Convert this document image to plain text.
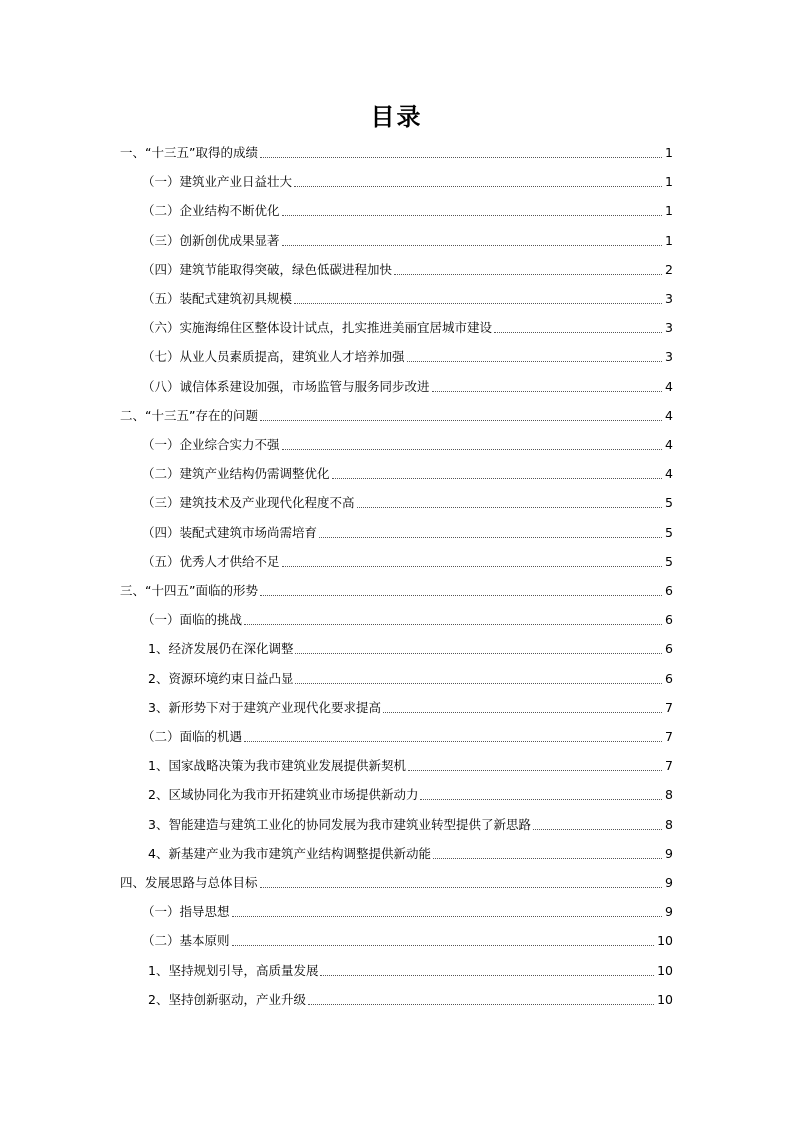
目录
一、“十三五”取得的成绩	1
（一）建筑业产业日益壮大	1
（二）企业结构不断优化	1
（三）创新创优成果显著	1
（四）建筑节能取得突破，绿色低碳进程加快	2
（五）装配式建筑初具规模	3
（六）实施海绵住区整体设计试点，扎实推进美丽宜居城市建设	3
（七）从业人员素质提高，建筑业人才培养加强	3
（八）诚信体系建设加强，市场监管与服务同步改进	4
二、“十三五”存在的问题	4
（一）企业综合实力不强	4
（二）建筑产业结构仍需调整优化	4
（三）建筑技术及产业现代化程度不高	5
（四）装配式建筑市场尚需培育	5
（五）优秀人才供给不足	5
三、“十四五”面临的形势	6
（一）面临的挑战	6
1、经济发展仍在深化调整	6
2、资源环境约束日益凸显	6
3、新形势下对于建筑产业现代化要求提高	7
（二）面临的机遇	7
1、国家战略决策为我市建筑业发展提供新契机	7
2、区域协同化为我市开拓建筑业市场提供新动力	8
3、智能建造与建筑工业化的协同发展为我市建筑业转型提供了新思路	8
4、新基建产业为我市建筑产业结构调整提供新动能	9
四、发展思路与总体目标	9
（一）指导思想	9
（二）基本原则	10
1、坚持规划引导，高质量发展	10
2、坚持创新驱动，产业升级	10
